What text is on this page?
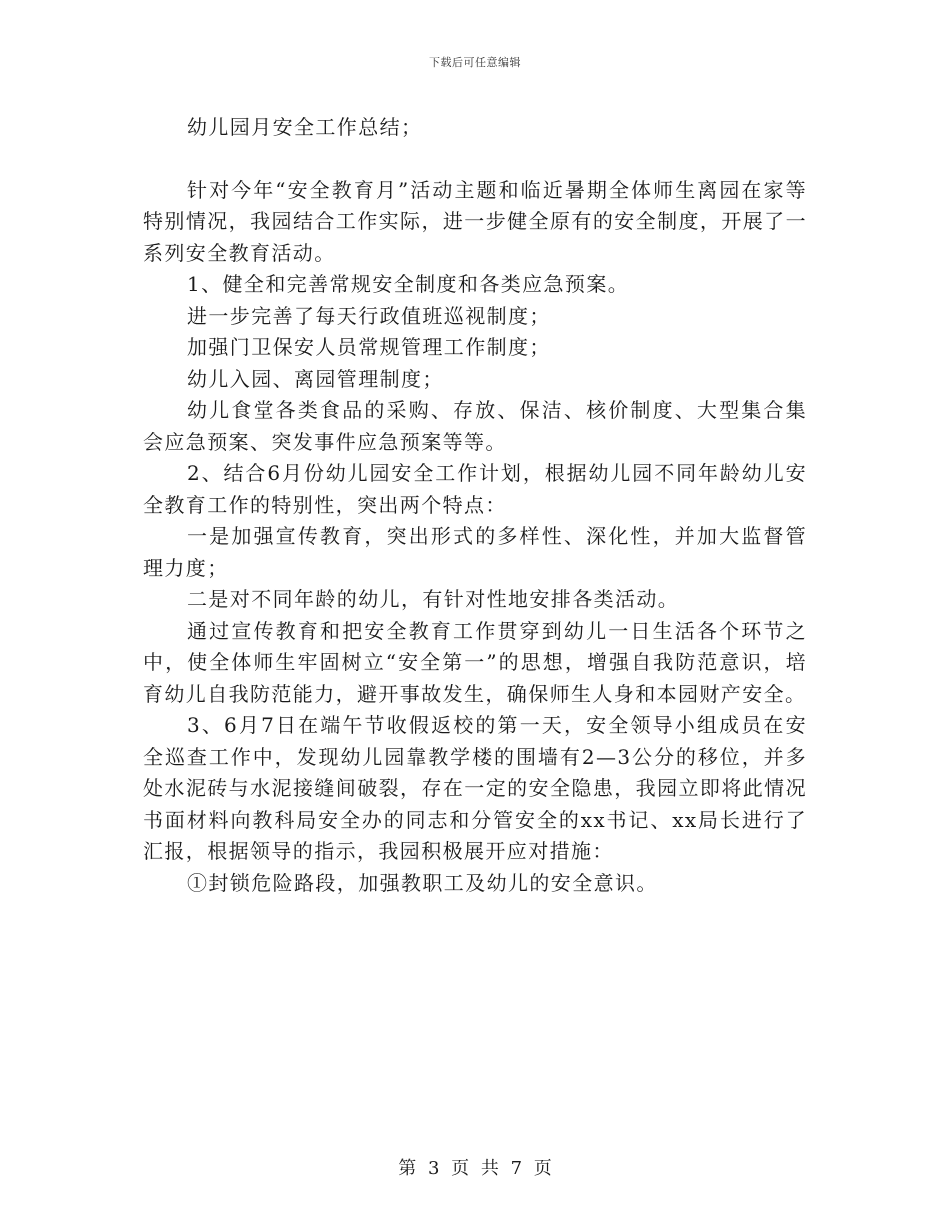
下载后可任意编辑

幼儿园月安全工作总结；

针对今年“安全教育月”活动主题和临近暑期全体师生离园在家等特别情况，我园结合工作实际，进一步健全原有的安全制度，开展了一系列安全教育活动。

1、健全和完善常规安全制度和各类应急预案。

进一步完善了每天行政值班巡视制度；

加强门卫保安人员常规管理工作制度；

幼儿入园、离园管理制度；

幼儿食堂各类食品的采购、存放、保洁、核价制度、大型集合集会应急预案、突发事件应急预案等等。

2、结合6月份幼儿园安全工作计划，根据幼儿园不同年龄幼儿安全教育工作的特别性，突出两个特点：

一是加强宣传教育，突出形式的多样性、深化性，并加大监督管理力度；

二是对不同年龄的幼儿，有针对性地安排各类活动。

通过宣传教育和把安全教育工作贯穿到幼儿一日生活各个环节之中，使全体师生牢固树立“安全第一”的思想，增强自我防范意识，培育幼儿自我防范能力，避开事故发生，确保师生人身和本园财产安全。

3、6月7日在端午节收假返校的第一天，安全领导小组成员在安全巡查工作中，发现幼儿园靠教学楼的围墙有2—3公分的移位，并多处水泥砖与水泥接缝间破裂，存在一定的安全隐患，我园立即将此情况书面材料向教科局安全办的同志和分管安全的xx书记、xx局长进行了汇报，根据领导的指示，我园积极展开应对措施：

①封锁危险路段，加强教职工及幼儿的安全意识。

第 3 页 共 7 页
